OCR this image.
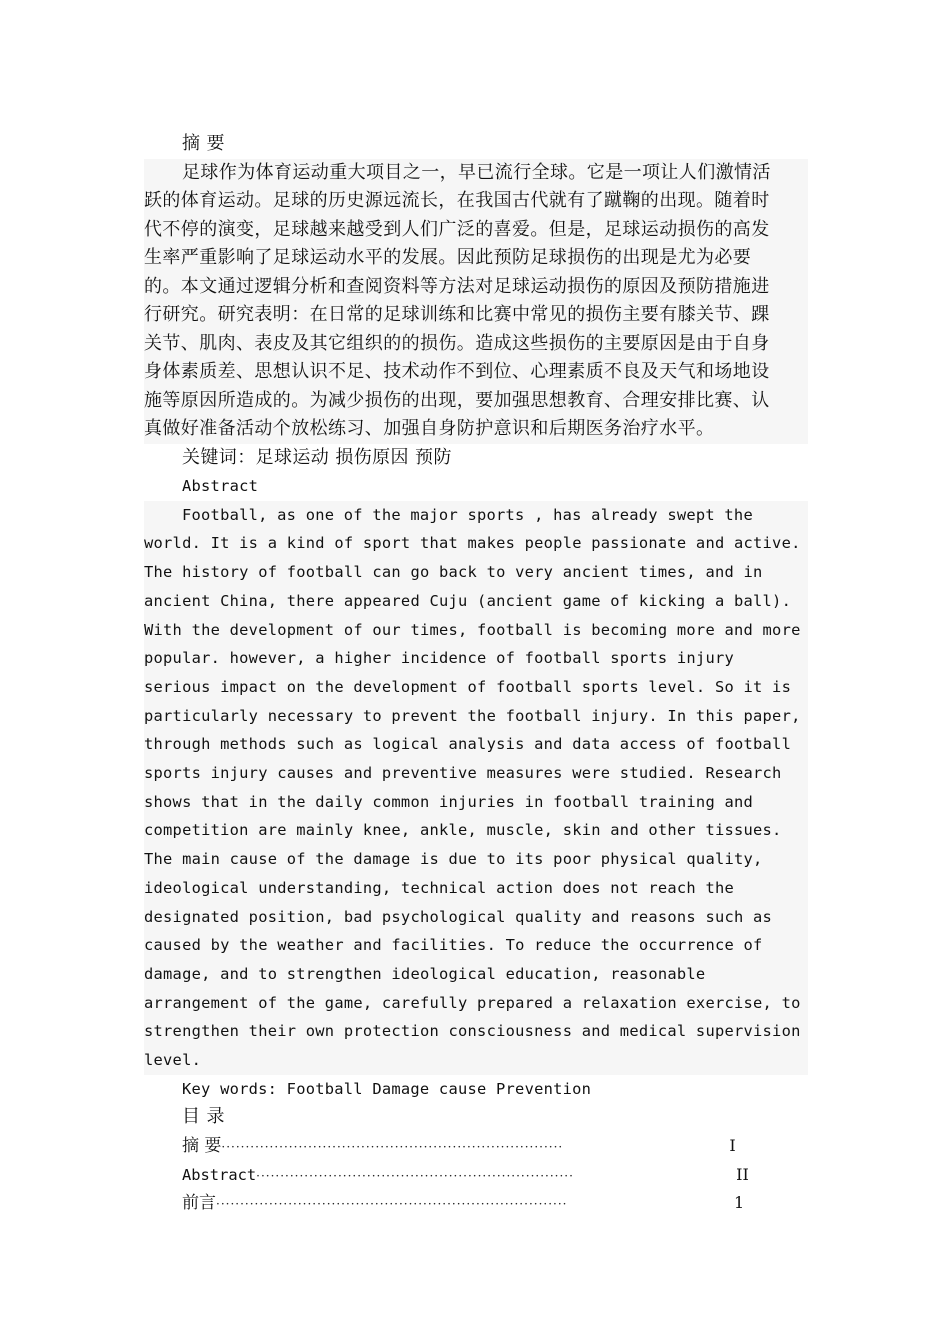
摘 要
足球作为体育运动重大项目之一，早已流行全球。它是一项让人们激情活
跃的体育运动。足球的历史源远流长，在我国古代就有了蹴鞠的出现。随着时
代不停的演变，足球越来越受到人们广泛的喜爱。但是，足球运动损伤的高发
生率严重影响了足球运动水平的发展。因此预防足球损伤的出现是尤为必要
的。本文通过逻辑分析和查阅资料等方法对足球运动损伤的原因及预防措施进
行研究。研究表明：在日常的足球训练和比赛中常见的损伤主要有膝关节、踝
关节、肌肉、表皮及其它组织的的损伤。造成这些损伤的主要原因是由于自身
身体素质差、思想认识不足、技术动作不到位、心理素质不良及天气和场地设
施等原因所造成的。为减少损伤的出现，要加强思想教育、合理安排比赛、认
真做好准备活动个放松练习、加强自身防护意识和后期医务治疗水平。
关键词：足球运动 损伤原因 预防
Abstract
Football, as one of the major sports , has already swept the
world. It is a kind of sport that makes people passionate and active.
The history of football can go back to very ancient times, and in
ancient China, there appeared Cuju (ancient game of kicking a ball).
With the development of our times, football is becoming more and more
popular. however, a higher incidence of football sports injury
serious impact on the development of football sports level. So it is
particularly necessary to prevent the football injury. In this paper,
through methods such as logical analysis and data access of football
sports injury causes and preventive measures were studied. Research
shows that in the daily common injuries in football training and
competition are mainly knee, ankle, muscle, skin and other tissues.
The main cause of the damage is due to its poor physical quality,
ideological understanding, technical action does not reach the
designated position, bad psychological quality and reasons such as
caused by the weather and facilities. To reduce the occurrence of
damage, and to strengthen ideological education, reasonable
arrangement of the game, carefully prepared a relaxation exercise, to
strengthen their own protection consciousness and medical supervision
level.
Key words: Football Damage cause Prevention
目 录
摘 要 ·······································································	I
Abstract ··································································	II
前言 ·········································································	1
